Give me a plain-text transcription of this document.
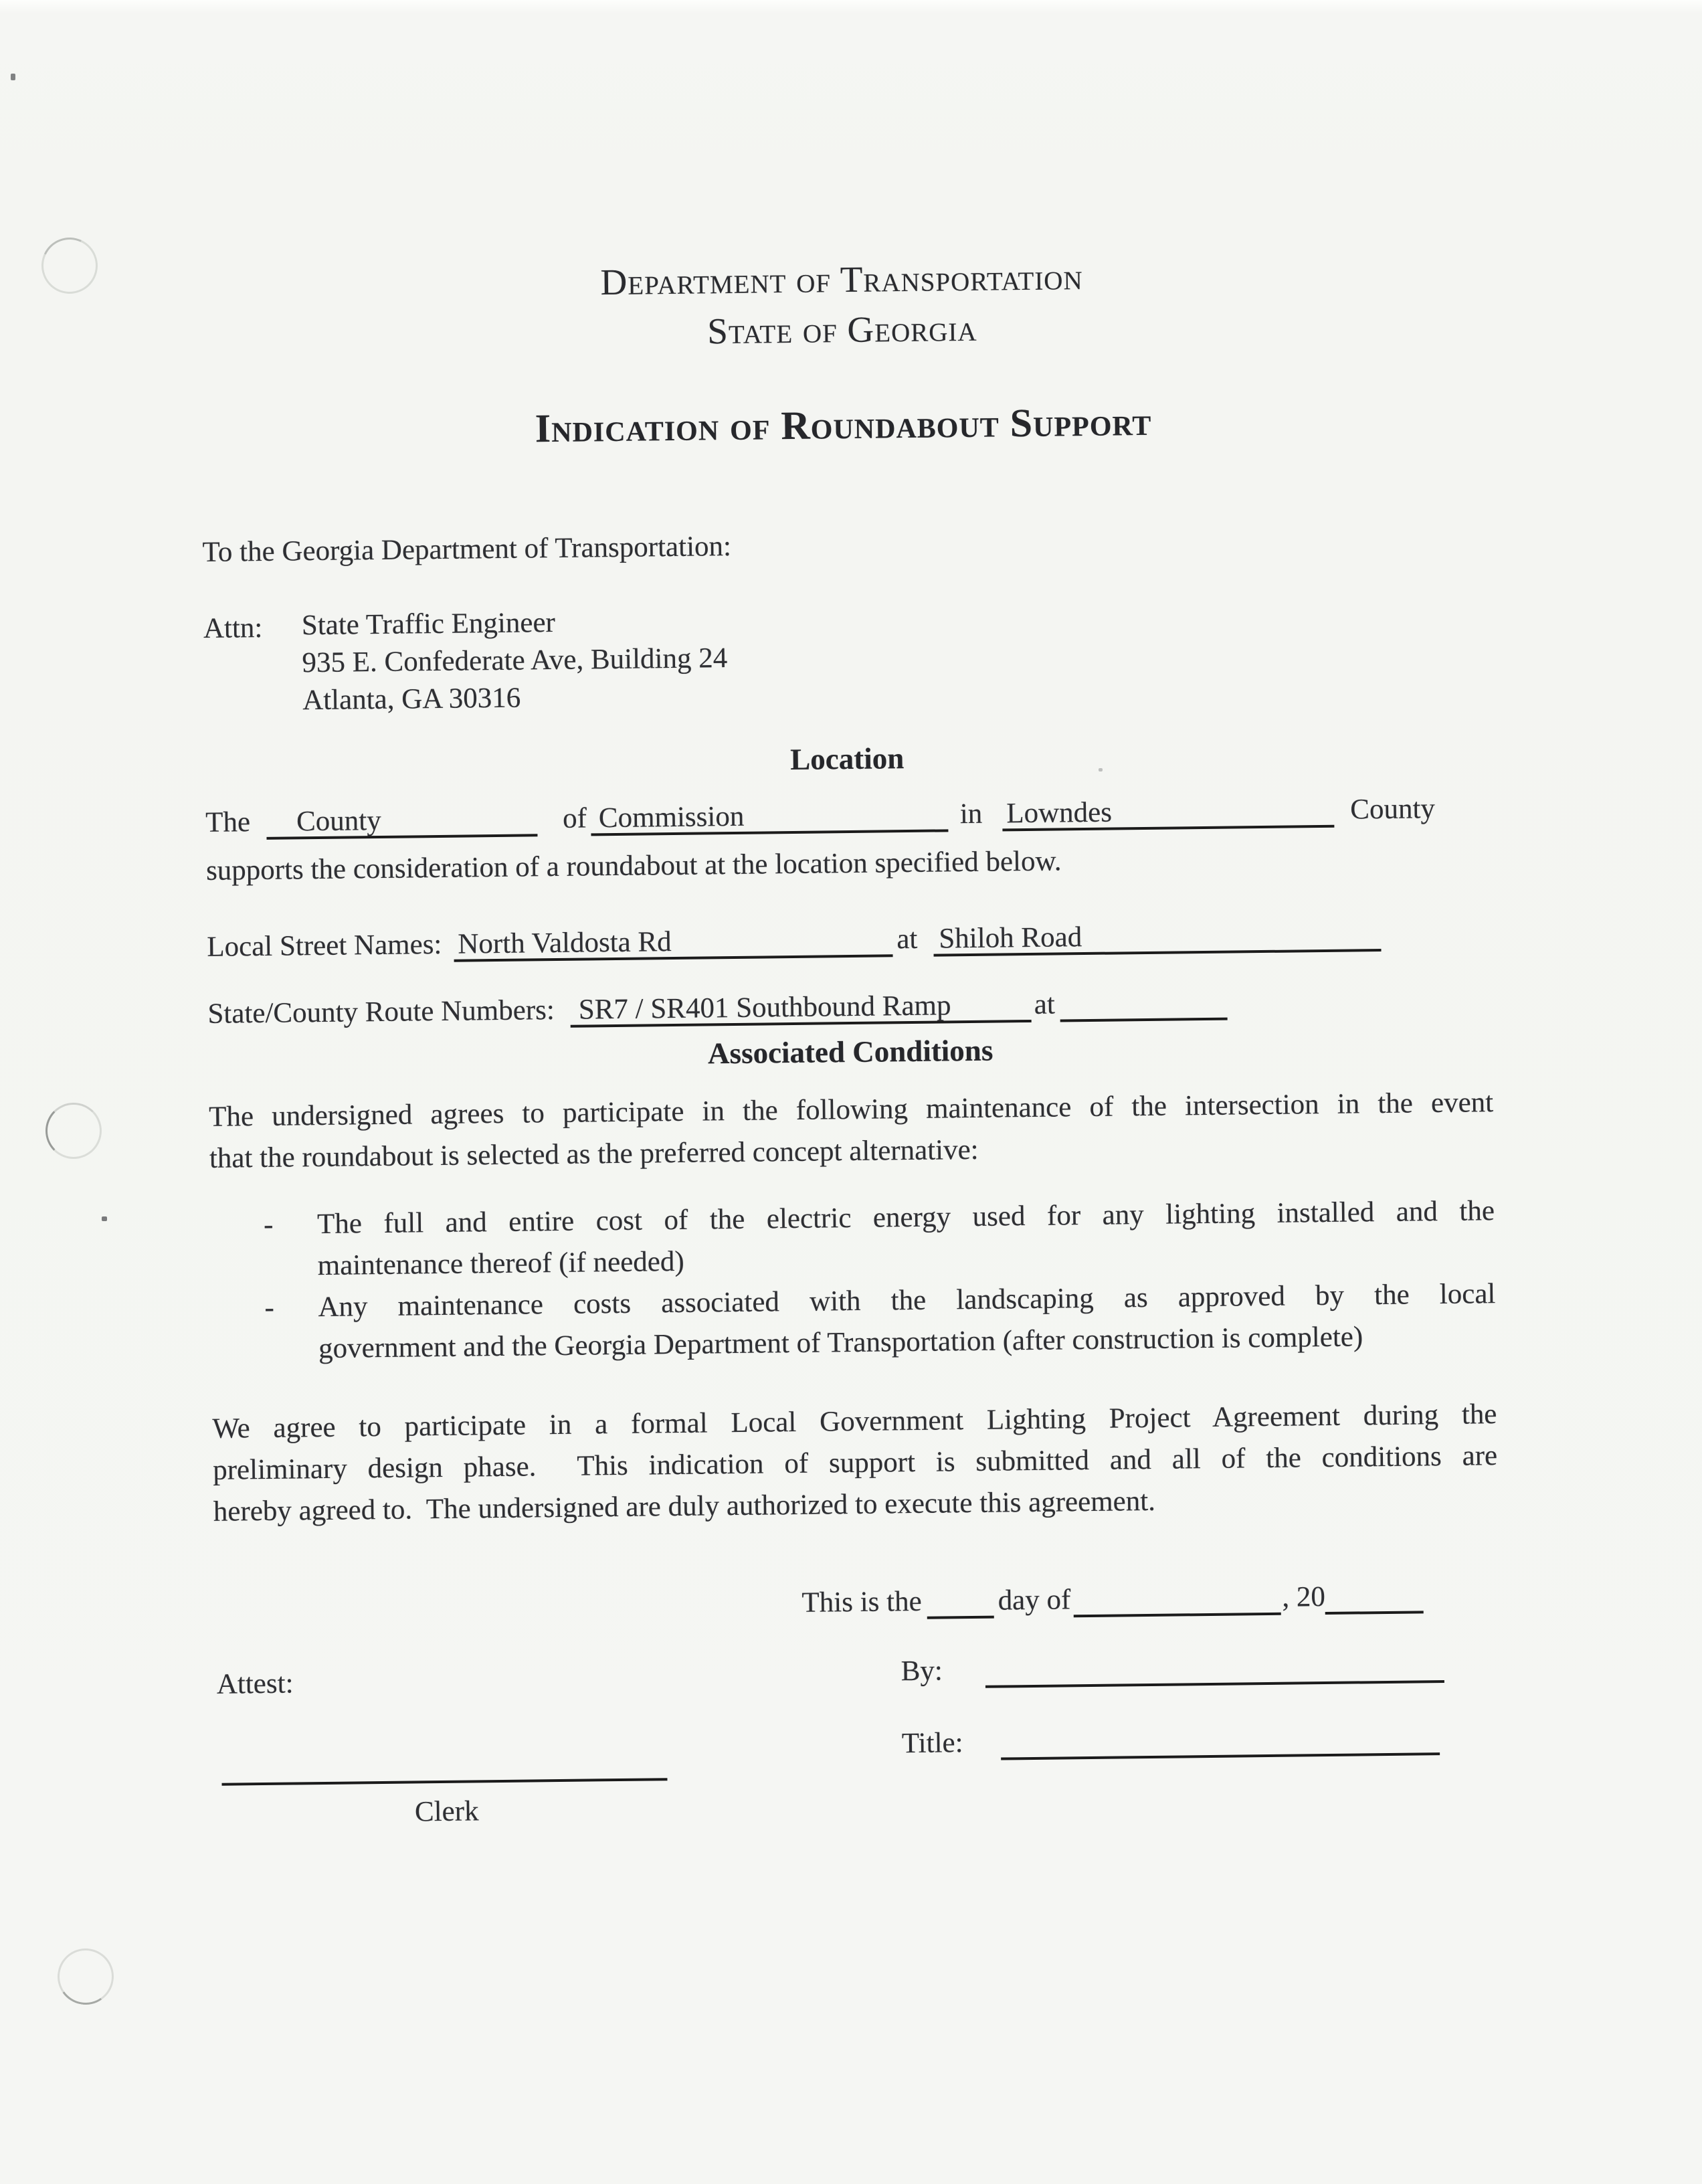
Department of Transportation
State of Georgia
Indication of Roundabout Support
To the Georgia Department of Transportation:
Attn:	State Traffic Engineer
935 E. Confederate Ave, Building 24
Atlanta, GA 30316
Location
The County	of Commission	in Lowndes	County
supports the consideration of a roundabout at the location specified below.
Local Street Names: North Valdosta Rd	at Shiloh Road
State/County Route Numbers: SR7 / SR401 Southbound Ramp	at
Associated Conditions
The undersigned agrees to participate in the following maintenance of the intersection in the event
that the roundabout is selected as the preferred concept alternative:
-	The full and entire cost of the electric energy used for any lighting installed and the
maintenance thereof (if needed)
-	Any maintenance costs associated with the landscaping as approved by the local
government and the Georgia Department of Transportation (after construction is complete)
We agree to participate in a formal Local Government Lighting Project Agreement during the
preliminary design phase.  This indication of support is submitted and all of the conditions are
hereby agreed to.  The undersigned are duly authorized to execute this agreement.
This is the	day of	, 20
Attest:	By:
Title:
Clerk
